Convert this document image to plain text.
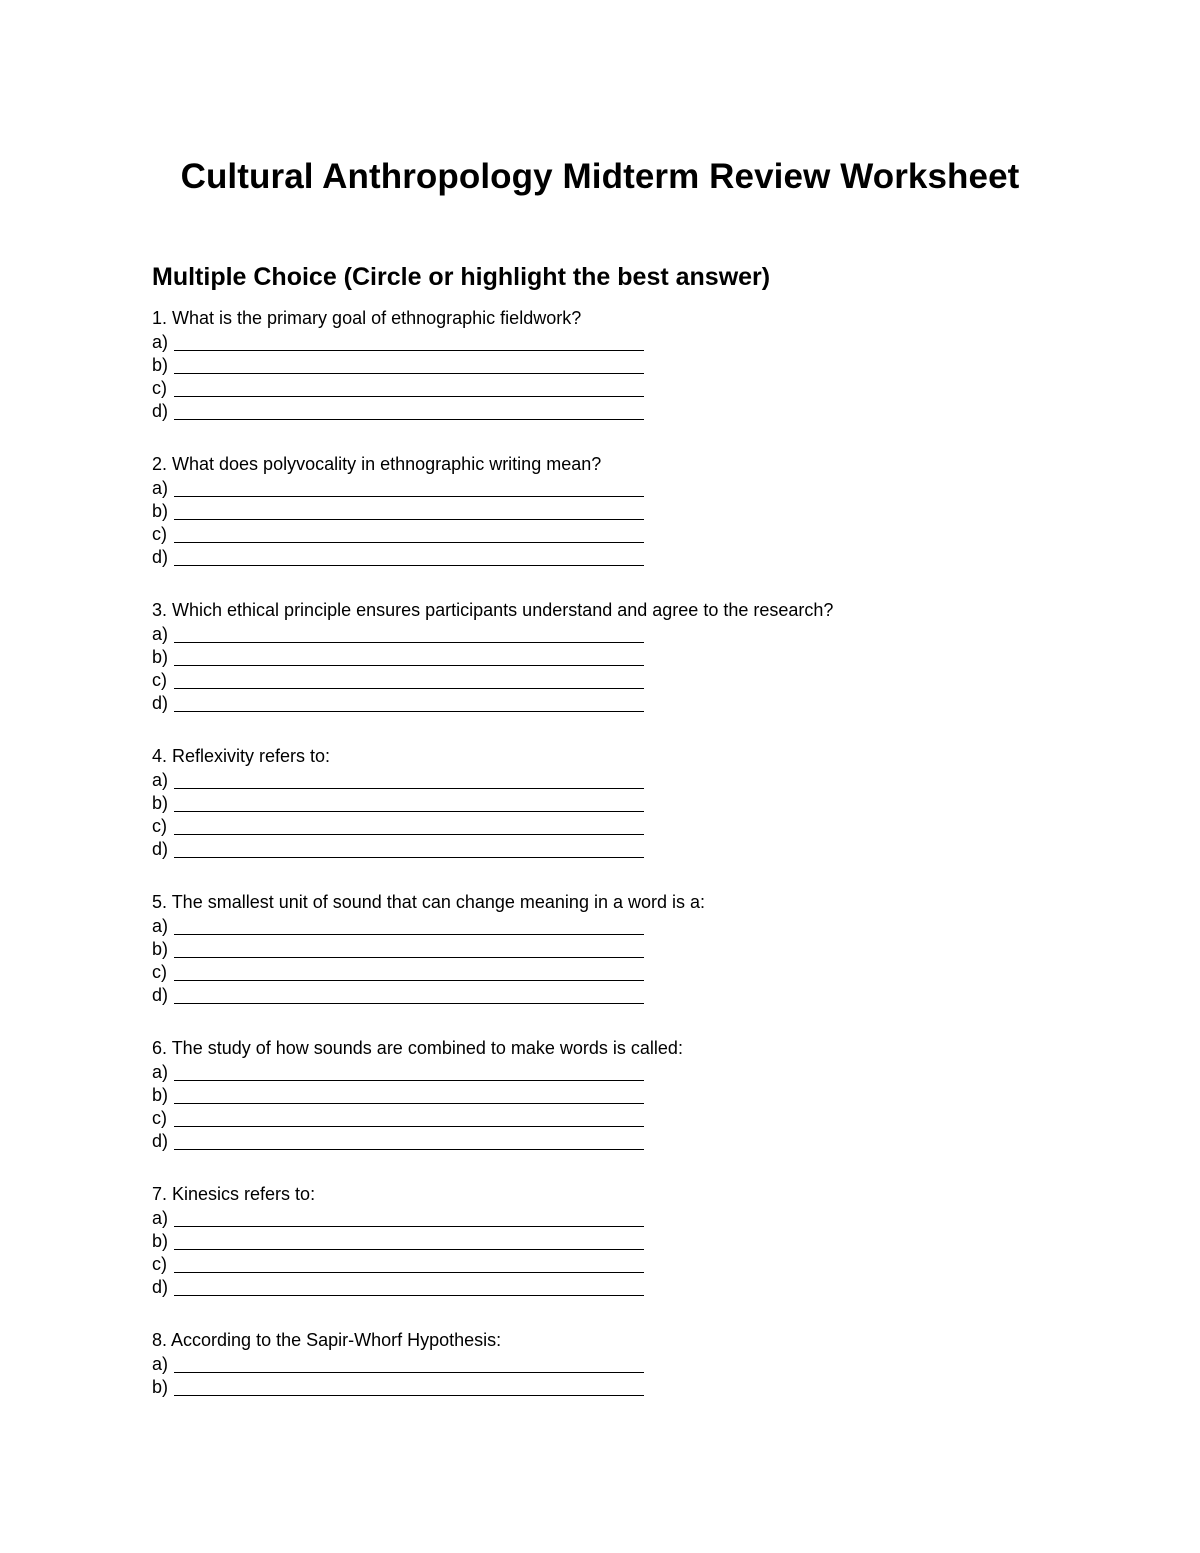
Cultural Anthropology Midterm Review Worksheet
Multiple Choice (Circle or highlight the best answer)
1. What is the primary goal of ethnographic fieldwork?
a)
b)
c)
d)
2. What does polyvocality in ethnographic writing mean?
a)
b)
c)
d)
3. Which ethical principle ensures participants understand and agree to the research?
a)
b)
c)
d)
4. Reflexivity refers to:
a)
b)
c)
d)
5. The smallest unit of sound that can change meaning in a word is a:
a)
b)
c)
d)
6. The study of how sounds are combined to make words is called:
a)
b)
c)
d)
7. Kinesics refers to:
a)
b)
c)
d)
8. According to the Sapir-Whorf Hypothesis:
a)
b)
